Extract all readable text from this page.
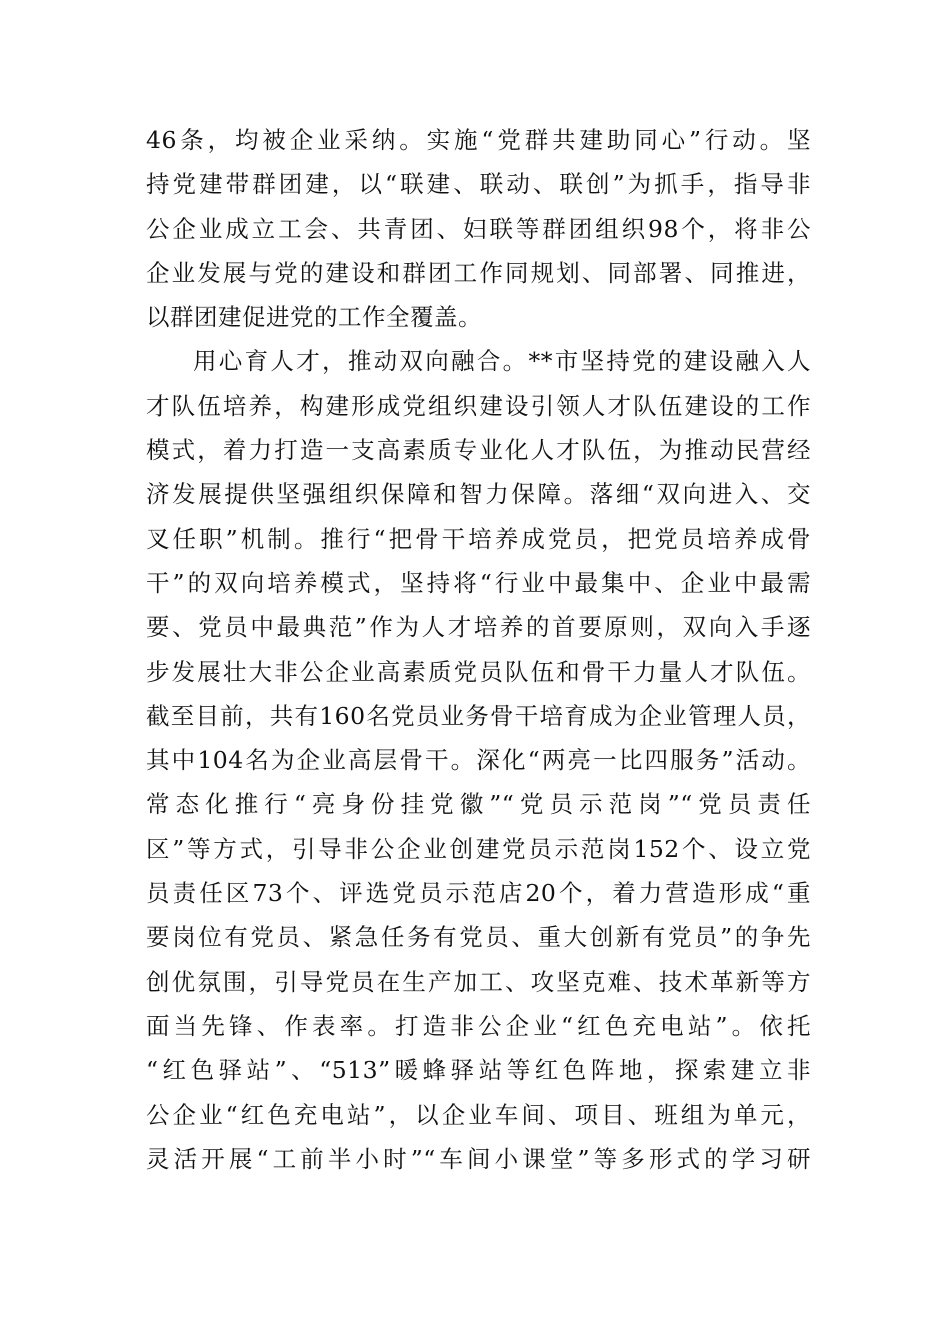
46条，均被企业采纳。实施“党群共建助同心”行动。坚
持党建带群团建，以“联建、联动、联创”为抓手，指导非
公企业成立工会、共青团、妇联等群团组织98个，将非公
企业发展与党的建设和群团工作同规划、同部署、同推进，
以群团建促进党的工作全覆盖。
用心育人才，推动双向融合。**市坚持党的建设融入人
才队伍培养，构建形成党组织建设引领人才队伍建设的工作
模式，着力打造一支高素质专业化人才队伍，为推动民营经
济发展提供坚强组织保障和智力保障。落细“双向进入、交
叉任职”机制。推行“把骨干培养成党员，把党员培养成骨
干”的双向培养模式，坚持将“行业中最集中、企业中最需
要、党员中最典范”作为人才培养的首要原则，双向入手逐
步发展壮大非公企业高素质党员队伍和骨干力量人才队伍。
截至目前，共有160名党员业务骨干培育成为企业管理人员，
其中104名为企业高层骨干。深化“两亮一比四服务”活动。
常态化推行“亮身份挂党徽”“党员示范岗”“党员责任
区”等方式，引导非公企业创建党员示范岗152个、设立党
员责任区73个、评选党员示范店20个，着力营造形成“重
要岗位有党员、紧急任务有党员、重大创新有党员”的争先
创优氛围，引导党员在生产加工、攻坚克难、技术革新等方
面当先锋、作表率。打造非公企业“红色充电站”。依托
“红色驿站”、“513”暖蜂驿站等红色阵地，探索建立非
公企业“红色充电站”，以企业车间、项目、班组为单元，
灵活开展“工前半小时”“车间小课堂”等多形式的学习研
